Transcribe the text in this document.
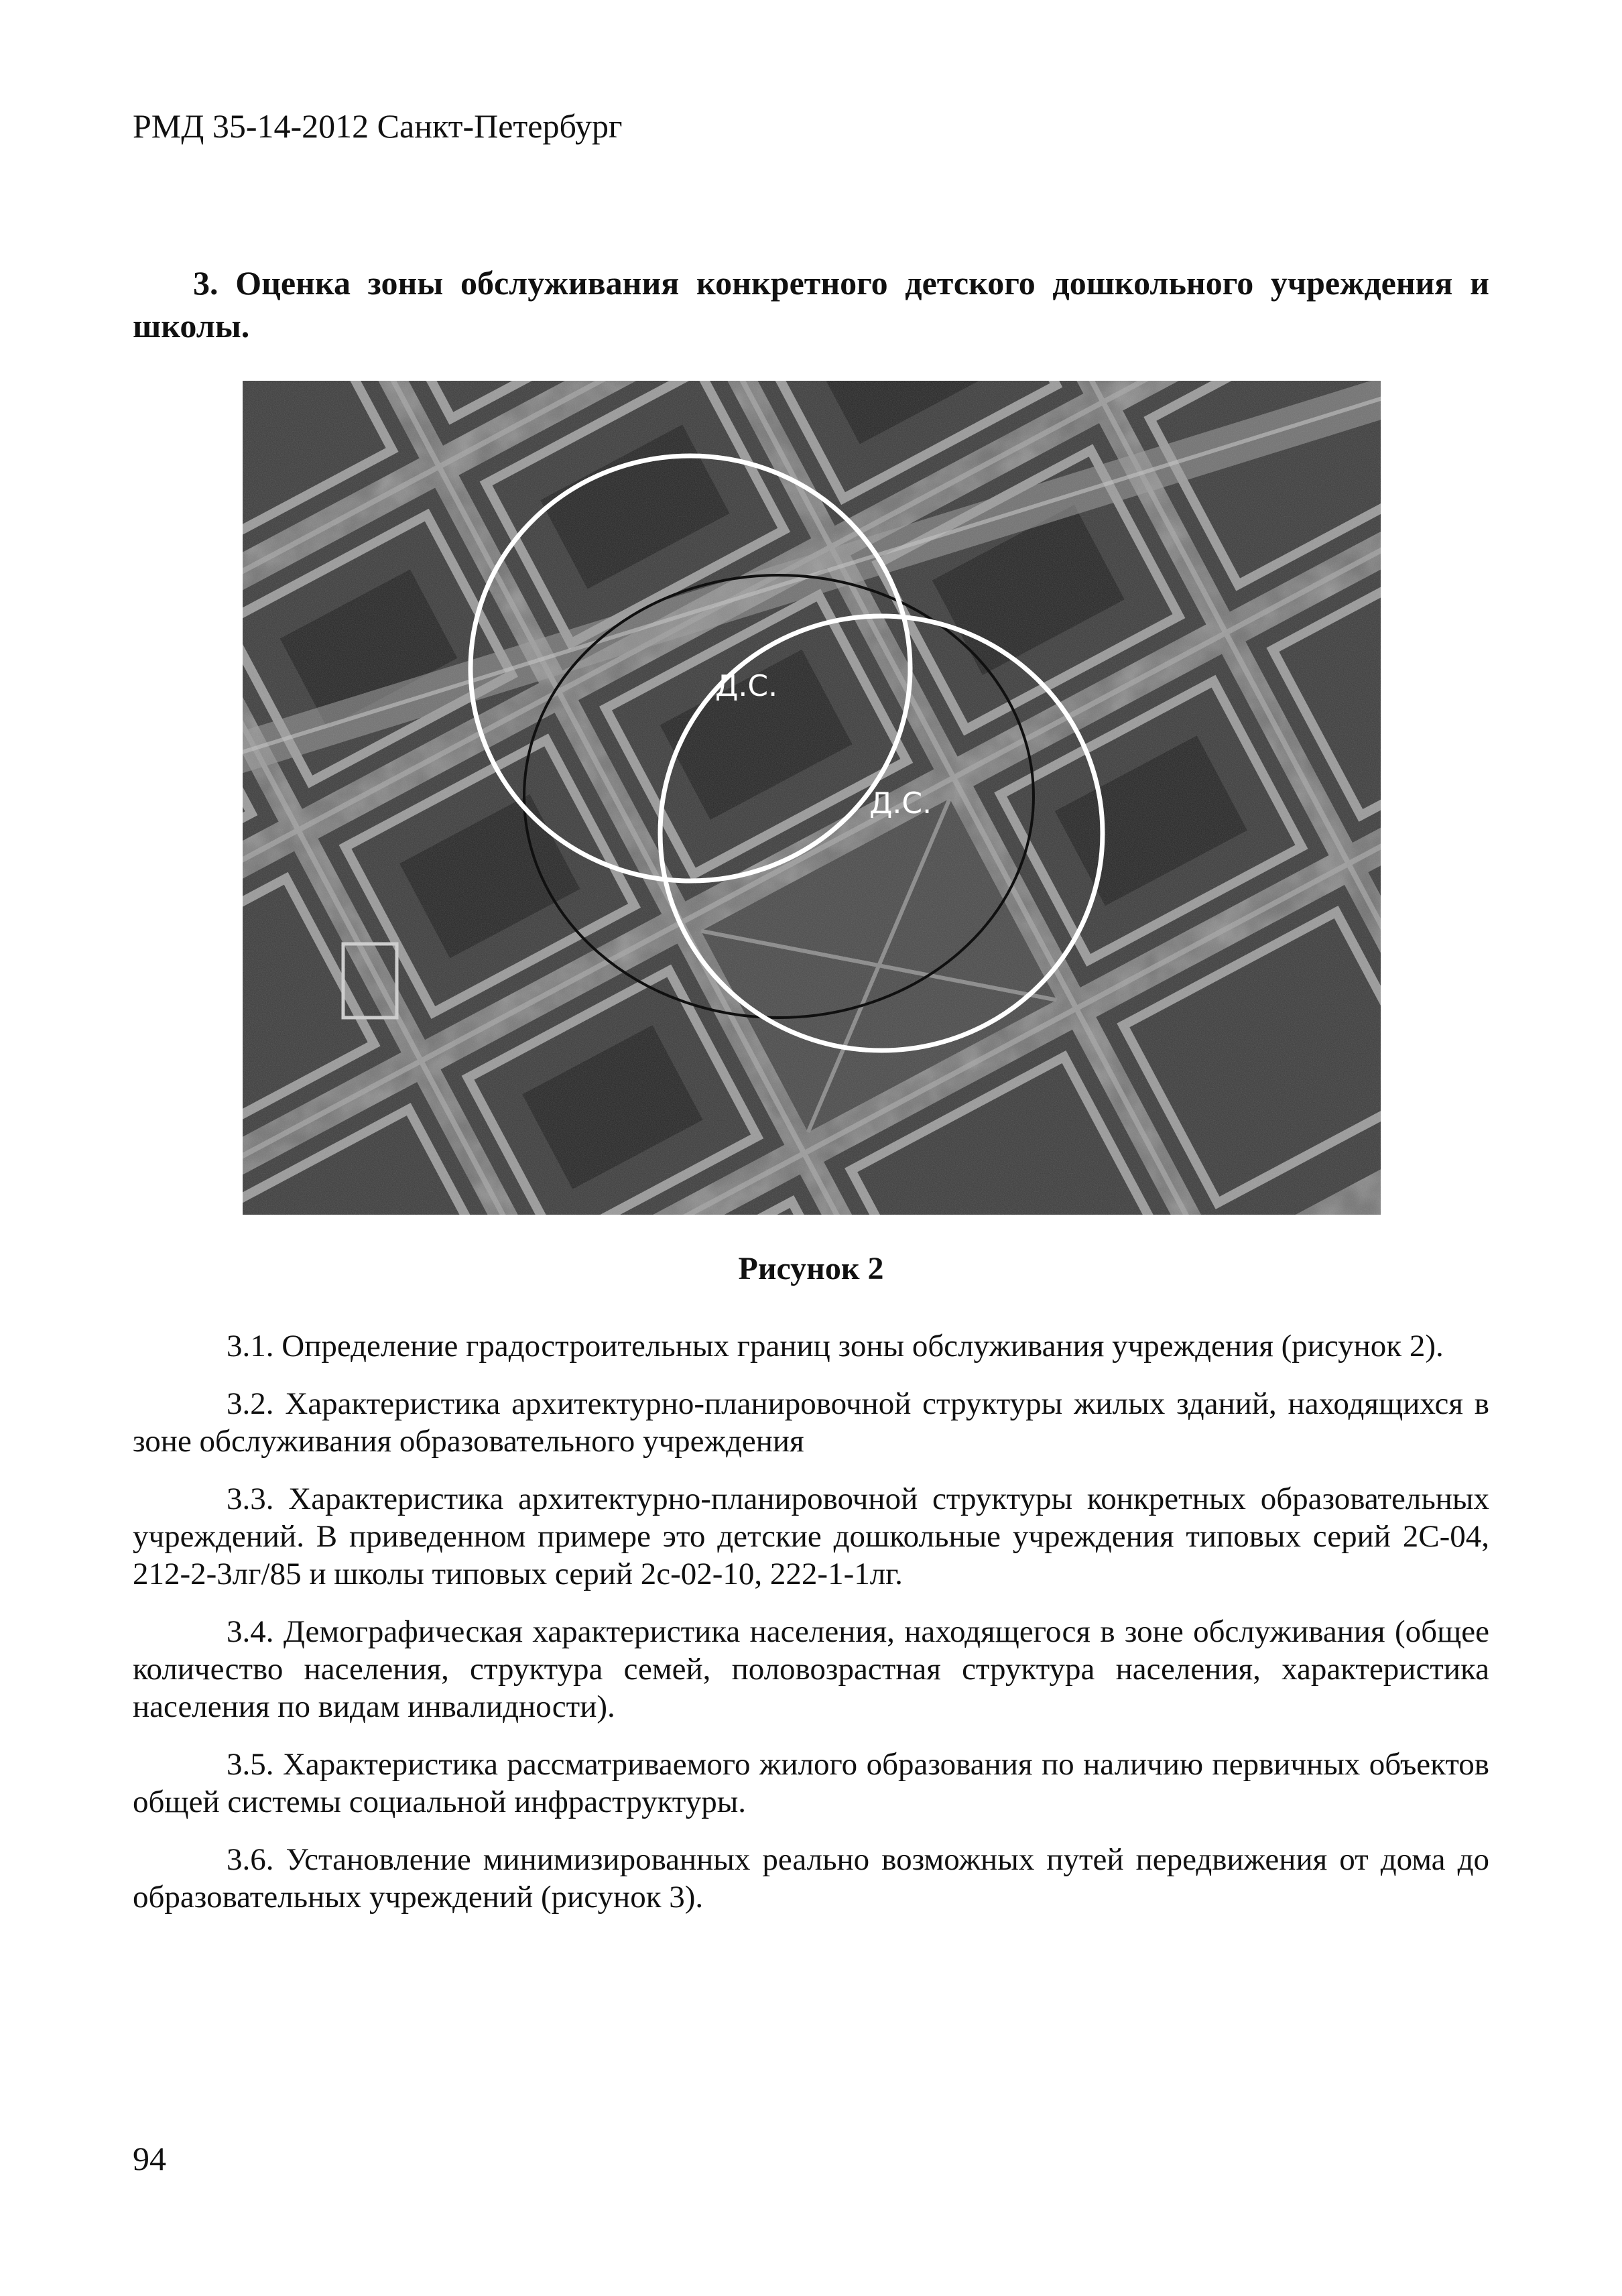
РМД 35-14-2012 Санкт-Петербург
3. Оценка зоны обслуживания конкретного детского дошкольного учреждения и школы.
Д.С.
Д.С.
Рисунок 2

3.1. Определение градостроительных границ зоны обслуживания учреждения (рисунок 2).

3.2. Характеристика архитектурно-планировочной структуры жилых зданий, находящихся в зоне обслуживания образовательного учреждения

3.3. Характеристика архитектурно-планировочной структуры конкретных образовательных учреждений. В приведенном примере это детские дошкольные учреждения типовых серий 2С-04, 212-2-3лг/85 и школы типовых серий 2с-02-10, 222-1-1лг.

3.4. Демографическая характеристика населения, находящегося в зоне обслуживания (общее количество населения, структура семей, половозрастная структура населения, характеристика населения по видам инвалидности).

3.5. Характеристика рассматриваемого жилого образования по наличию первичных объектов общей системы социальной инфраструктуры.

3.6. Установление минимизированных реально возможных путей передвижения от дома до образовательных учреждений (рисунок 3).

94
